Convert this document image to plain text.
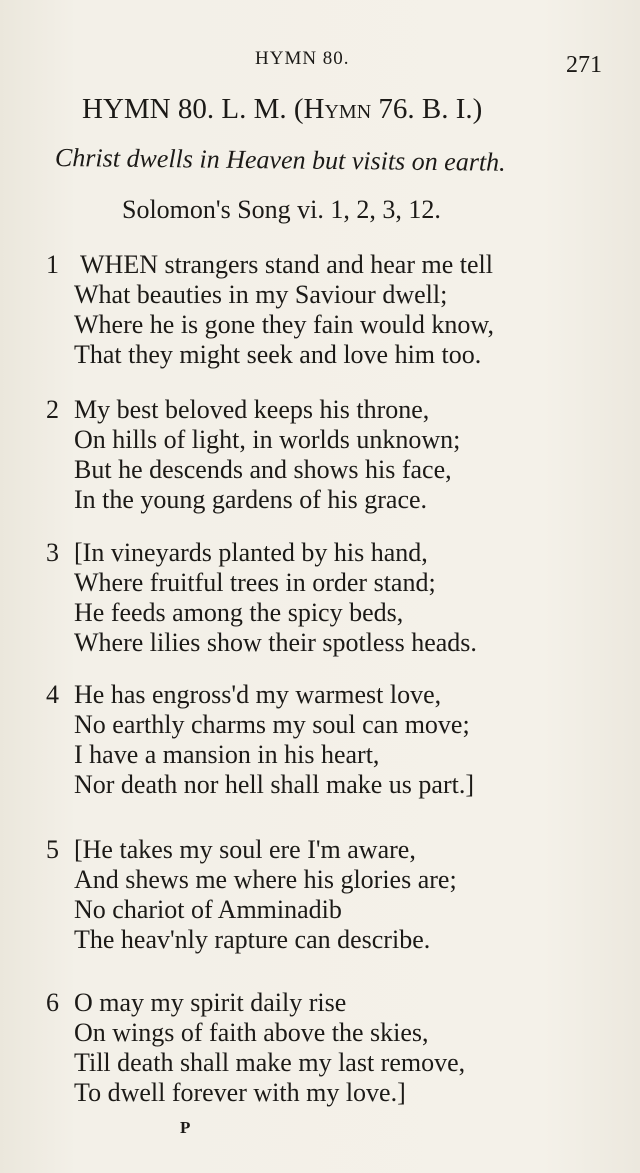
HYMN 80.	271
HYMN 80. L. M. (Hymn 76. B. I.)
Christ dwells in Heaven but visits on earth.
Solomon's Song vi. 1, 2, 3, 12.
1 WHEN strangers stand and hear me tell
What beauties in my Saviour dwell;
Where he is gone they fain would know,
That they might seek and love him too.
2 My best beloved keeps his throne,
On hills of light, in worlds unknown;
But he descends and shows his face,
In the young gardens of his grace.
3 [In vineyards planted by his hand,
Where fruitful trees in order stand;
He feeds among the spicy beds,
Where lilies show their spotless heads.
4 He has engross'd my warmest love,
No earthly charms my soul can move;
I have a mansion in his heart,
Nor death nor hell shall make us part.]
5 [He takes my soul ere I'm aware,
And shews me where his glories are;
No chariot of Amminadib
The heav'nly rapture can describe.
6 O may my spirit daily rise
On wings of faith above the skies,
Till death shall make my last remove,
To dwell forever with my love.]
P
